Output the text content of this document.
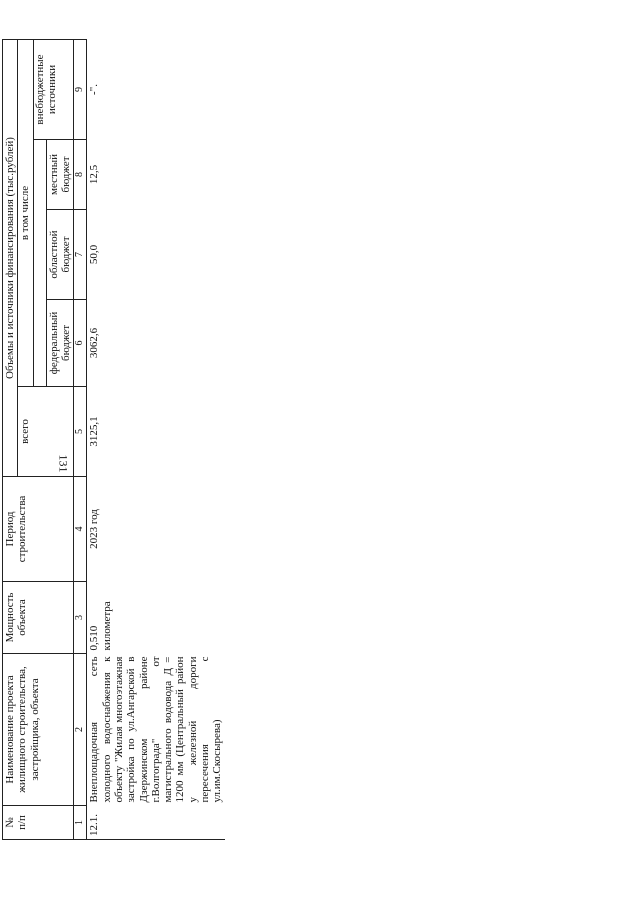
131
№
п/п	Наименование проекта жилищного строительства, застройщика, объекта	Мощность объекта	Период строительства	Объемы и источники финансирования (тыс.рублей)				
				всего	в том числе			
								внебюджетные источники
					федеральный бюджет	областной бюджет	местный бюджет	
1	2	3	4	5	6	7	8	9
12.1.	Внеплощадочная сеть холодного водоснабжения к объекту "Жилая многоэтажная застройка по ул.Ангарской в Дзержинском районе г.Волгограда" от магистрального водовода Д = 1200 мм (Центральный район у железной дороги пересечения с ул.им.Скосырева)	0,510 километра	2023 год	3125,1	3062,6	50,0	12,5	-".
